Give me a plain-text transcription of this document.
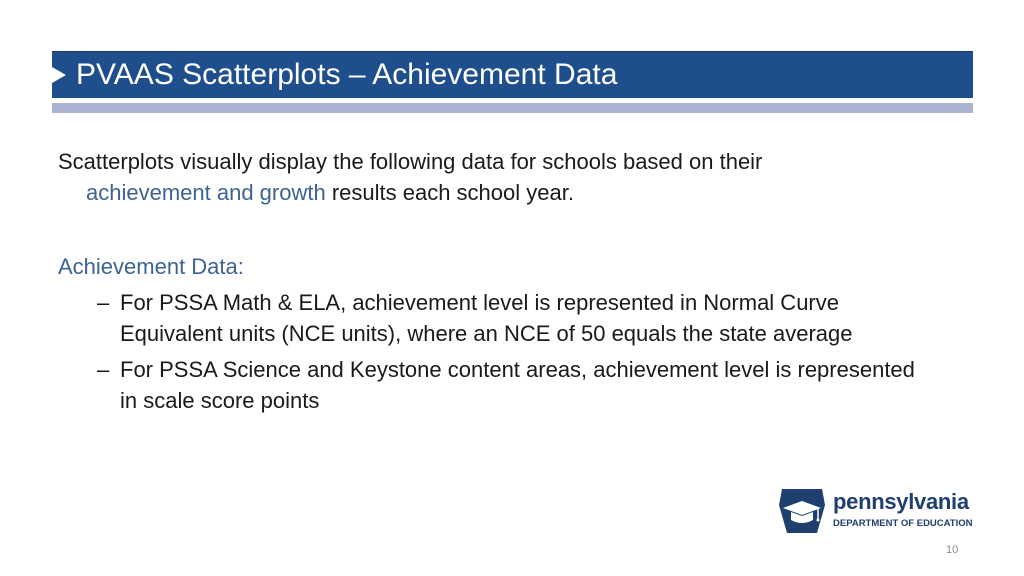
PVAAS Scatterplots – Achievement Data
Scatterplots visually display the following data for schools based on their
achievement and growth results each school year.
Achievement Data:
– For PSSA Math & ELA, achievement level is represented in Normal Curve Equivalent units (NCE units), where an NCE of 50 equals the state average
– For PSSA Science and Keystone content areas, achievement level is represented in scale score points
pennsylvania
DEPARTMENT OF EDUCATION
10
